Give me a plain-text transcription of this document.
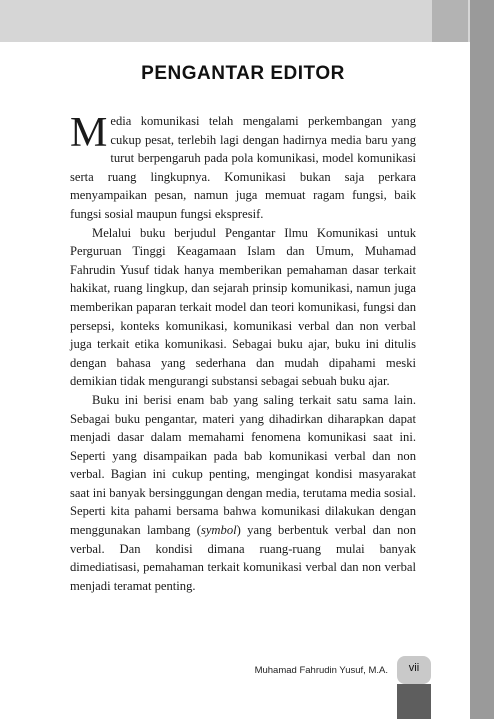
PENGANTAR EDITOR

Media komunikasi telah mengalami perkembangan yang cukup pesat, terlebih lagi dengan hadirnya media baru yang turut berpengaruh pada pola komunikasi, model komunikasi serta ruang lingkupnya. Komunikasi bukan saja perkara menyampaikan pesan, namun juga memuat ragam fungsi, baik fungsi sosial maupun fungsi ekspresif.

Melalui buku berjudul Pengantar Ilmu Komunikasi untuk Perguruan Tinggi Keagamaan Islam dan Umum, Muhamad Fahrudin Yusuf tidak hanya memberikan pemahaman dasar terkait hakikat, ruang lingkup, dan sejarah prinsip komunikasi, namun juga memberikan paparan terkait model dan teori komunikasi, fungsi dan persepsi, konteks komunikasi, komunikasi verbal dan non verbal juga terkait etika komunikasi. Sebagai buku ajar, buku ini ditulis dengan bahasa yang sederhana dan mudah dipahami meski demikian tidak mengurangi substansi sebagai sebuah buku ajar.

Buku ini berisi enam bab yang saling terkait satu sama lain. Sebagai buku pengantar, materi yang dihadirkan diharapkan dapat menjadi dasar dalam memahami fenomena komunikasi saat ini. Seperti yang disampaikan pada bab komunikasi verbal dan non verbal. Bagian ini cukup penting, mengingat kondisi masyarakat saat ini banyak bersinggungan dengan media, terutama media sosial. Seperti kita pahami bersama bahwa komunikasi dilakukan dengan menggunakan lambang (symbol) yang berbentuk verbal dan non verbal. Dan kondisi dimana ruang-ruang mulai banyak dimediatisasi, pemahaman terkait komunikasi verbal dan non verbal menjadi teramat penting.

Muhamad Fahrudin Yusuf, M.A.	vii
